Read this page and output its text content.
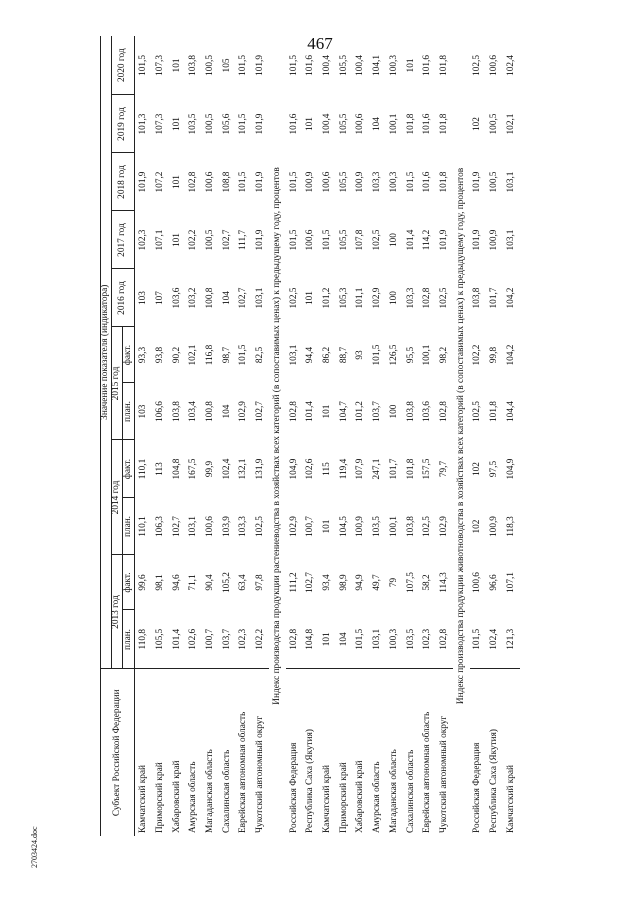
467
2703424.doc
Субъект Российской Федерации	Значение показателя (индикатора)										
	2013 год		2014 год		2015 год		2016 год	2017 год	2018 год	2019 год	2020 год
	план.	факт.	план.	факт.	план.	факт.					
Камчатский край	110,8	99,6	110,1	110,1	103	93,3	103	102,3	101,9	101,3	101,5
Приморский край	105,5	98,1	106,3	113	106,6	93,8	107	107,1	107,2	107,3	107,3
Хабаровский край	101,4	94,6	102,7	104,8	103,8	90,2	103,6	101	101	101	101
Амурская область	102,6	71,1	103,1	167,5	103,4	102,1	103,2	102,2	102,8	103,5	103,8
Магаданская область	100,7	90,4	100,6	99,9	100,8	116,8	100,8	100,5	100,6	100,5	100,5
Сахалинская область	103,7	105,2	103,9	102,4	104	98,7	104	102,7	108,8	105,6	105
Еврейская автономная область	102,3	63,4	103,3	132,1	102,9	101,5	102,7	111,7	101,5	101,5	101,5
Чукотский автономный округ	102,2	97,8	102,5	131,9	102,7	82,5	103,1	101,9	101,9	101,9	101,9
Индекс производства продукции растениеводства в хозяйствах всех категорий (в сопоставимых ценах) к предыдущему году, процентов											
Российская Федерация	102,8	111,2	102,9	104,9	102,8	103,1	102,5	101,5	101,5	101,6	101,5
Республика Саха (Якутия)	104,8	102,7	100,7	102,6	101,4	94,4	101	100,6	100,9	101	101,6
Камчатский край	101	93,4	101	115	101	86,2	101,2	101,5	100,6	100,4	100,4
Приморский край	104	98,9	104,5	119,4	104,7	88,7	105,3	105,5	105,5	105,5	105,5
Хабаровский край	101,5	94,9	100,9	107,9	101,2	93	101,1	107,8	100,9	100,6	100,4
Амурская область	103,1	49,7	103,5	247,1	103,7	101,5	102,9	102,5	103,3	104	104,1
Магаданская область	100,3	79	100,1	101,7	100	126,5	100	100	100,3	100,1	100,3
Сахалинская область	103,5	107,5	103,8	101,8	103,8	95,5	103,3	101,4	101,5	101,8	101
Еврейская автономная область	102,3	58,2	102,5	157,5	103,6	100,1	102,8	114,2	101,6	101,6	101,6
Чукотский автономный округ	102,8	114,3	102,9	79,7	102,8	98,2	102,5	101,9	101,8	101,8	101,8
Индекс производства продукции животноводства в хозяйствах всех категорий (в сопоставимых ценах) к предыдущему году, процентов											
Российская Федерация	101,5	100,6	102	102	102,5	102,2	103,8	101,9	101,9	102	102,5
Республика Саха (Якутия)	102,4	96,6	100,9	97,5	101,8	99,8	101,7	100,9	100,5	100,5	100,6
Камчатский край	121,3	107,1	118,3	104,9	104,4	104,2	104,2	103,1	103,1	102,1	102,4
